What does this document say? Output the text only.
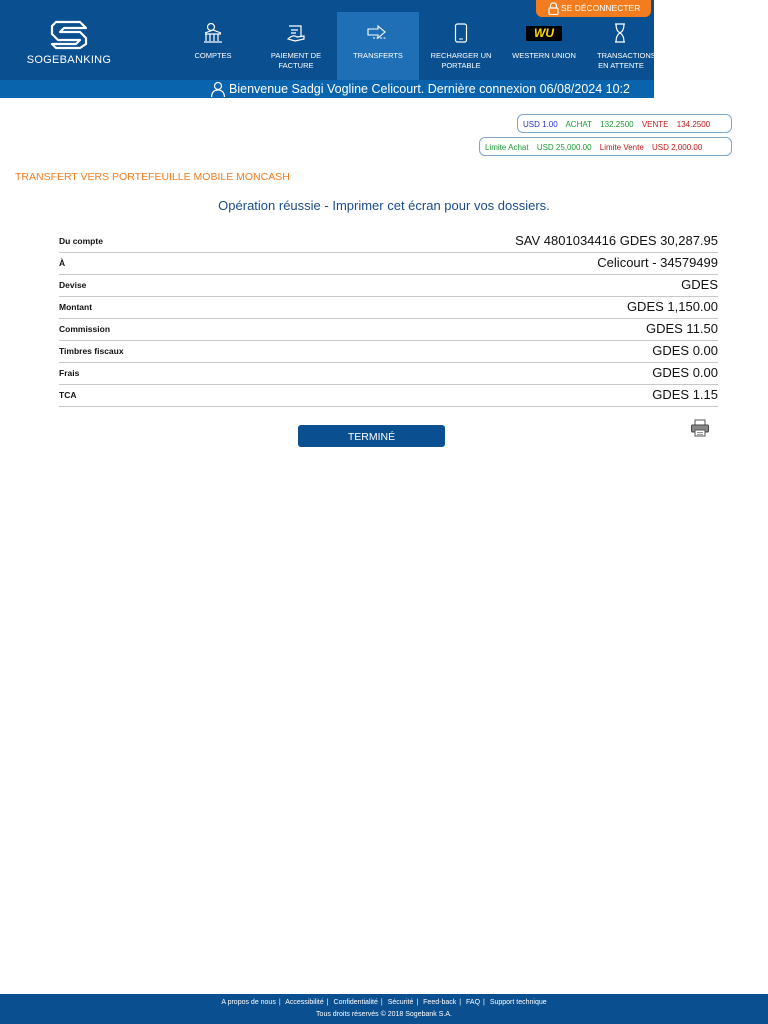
SOGEBANKING	COMPTES	PAIEMENT DE FACTURE
TRANSFERTS	RECHARGER UN PORTABLE
WU
WESTERN UNION	TRANSACTIONS EN ATTENTE
SE DÉCONNECTER
Bienvenue Sadgi Vogline Celicourt. Dernière connexion 06/08/2024 10:2
USD 1.00 ACHAT 132.2500 VENTE 134.2500
Limite Achat USD 25,000.00 Limite Vente USD 2,000.00
TRANSFERT VERS PORTEFEUILLE MOBILE MONCASH
Opération réussie - Imprimer cet écran pour vos dossiers.
Du compte	SAV 4801034416 GDES 30,287.95
À	Celicourt - 34579499
Devise	GDES
Montant	GDES 1,150.00
Commission	GDES 11.50
Timbres fiscaux	GDES 0.00
Frais	GDES 0.00
TCA	GDES 1.15
TERMINÉ
A propos de nous | Accessibilité | Confidentialité | Sécurité | Feed-back | FAQ | Support technique
Tous droits réservés © 2018 Sogebank S.A.
